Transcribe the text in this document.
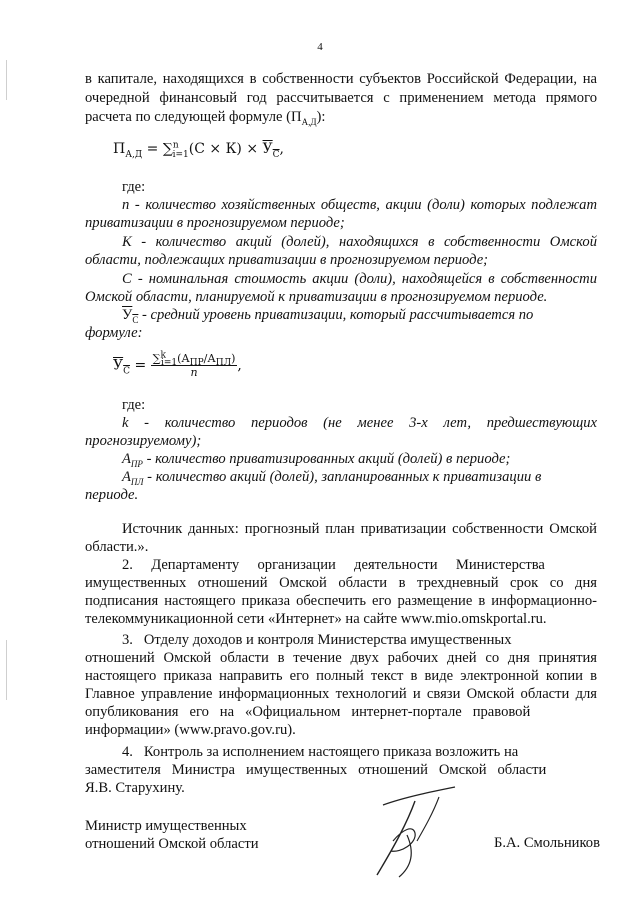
4
в капитале, находящихся в собственности субъектов Российской Федерации, на
очередной финансовый год рассчитывается с применением метода прямого
расчета по следующей формуле $(П_{А,Д})$:
$П_{А,Д} = \sum^n_{i=1}(С \times К) \times У_С$,
где:
n - количество хозяйственных обществ, акции (доли) которых подлежат
приватизации в прогнозируемом периоде;
К - количество акций (долей), находящихся в собственности Омской
области, подлежащих приватизации в прогнозируемом периоде;
С - номинальная стоимость акции (доли), находящейся в собственности
Омской области, планируемой к приватизации в прогнозируемом периоде.
$У_С$ - средний уровень приватизации, который рассчитывается по
формуле:
$У_С = \frac{\sum^k_{i=1}(А_{ПР}/А_{ПЛ})}{n}$ ,
где:
k - количество периодов (не менее 3-х лет, предшествующих
прогнозируемому);
$А_{ПР}$ - количество приватизированных акций (долей) в периоде;
$А_{ПЛ}$ - количество акций (долей), запланированных к приватизации в
периоде.
Источник данных: прогнозный план приватизации собственности Омской
области.».
2.     Департаменту     организации     деятельности     Министерства
имущественных отношений Омской области в трехдневный срок со дня
подписания настоящего приказа обеспечить его размещение в информационно-
телекоммуникационной сети «Интернет» на сайте www.mio.omskportal.ru.
3.   Отделу доходов и контроля Министерства имущественных
отношений Омской области в течение двух рабочих дней со дня принятия
настоящего приказа направить его полный текст в виде электронной копии в
Главное управление информационных технологий и связи Омской области для
опубликования   его   на   «Официальном   интернет-портале   правовой
информации» (www.pravo.gov.ru).
4.   Контроль за исполнением настоящего приказа возложить на
заместителя   Министра   имущественных   отношений   Омской   области
Я.В. Старухину.
Министр имущественных
отношений Омской области	Б.А. Смольников
